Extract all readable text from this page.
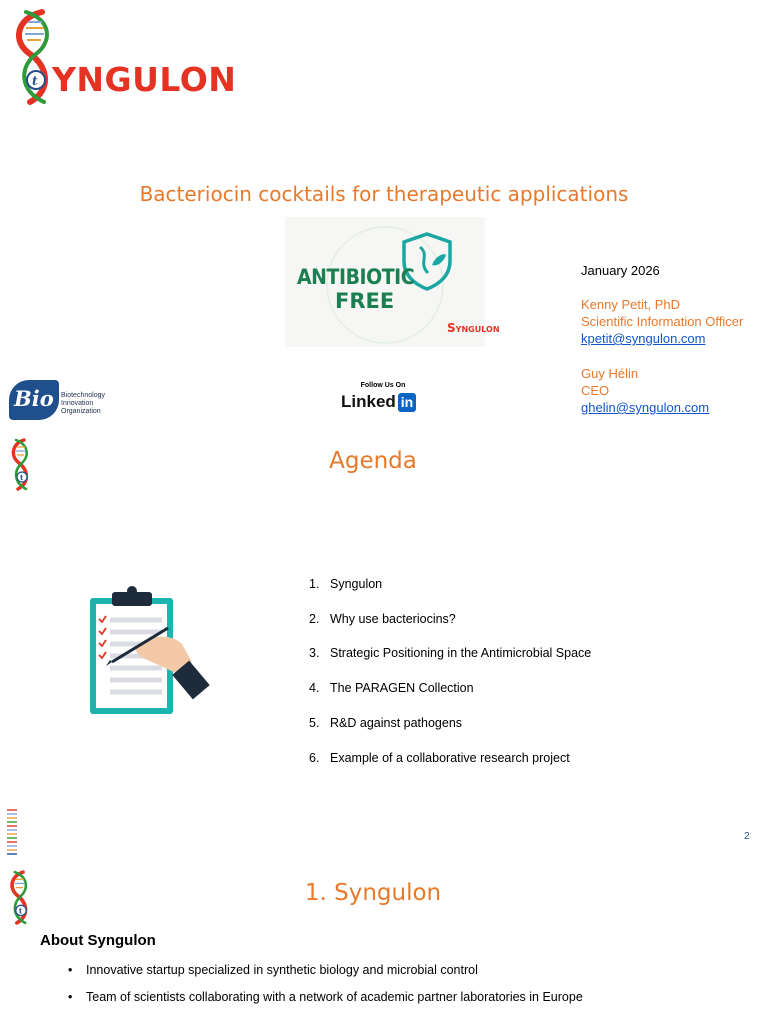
t YNGULON
Bacteriocin cocktails for therapeutic applications
ANTIBIOTIC
FREE
SYNGULON
January 2026
Kenny Petit, PhD
Scientific Information Officer
kpetit@syngulon.com
Guy Hélin
CEO
ghelin@syngulon.com
Bio Biotechnology
Innovation
Organization
Follow Us On
Linked in
t
Agenda
1. Syngulon
2. Why use bacteriocins?
3. Strategic Positioning in the Antimicrobial Space
4. The PARAGEN Collection
5. R&D against pathogens
6. Example of a collaborative research project
2
t
1. Syngulon
About Syngulon
• Innovative startup specialized in synthetic biology and microbial control
• Team of scientists collaborating with a network of academic partner laboratories in Europe
